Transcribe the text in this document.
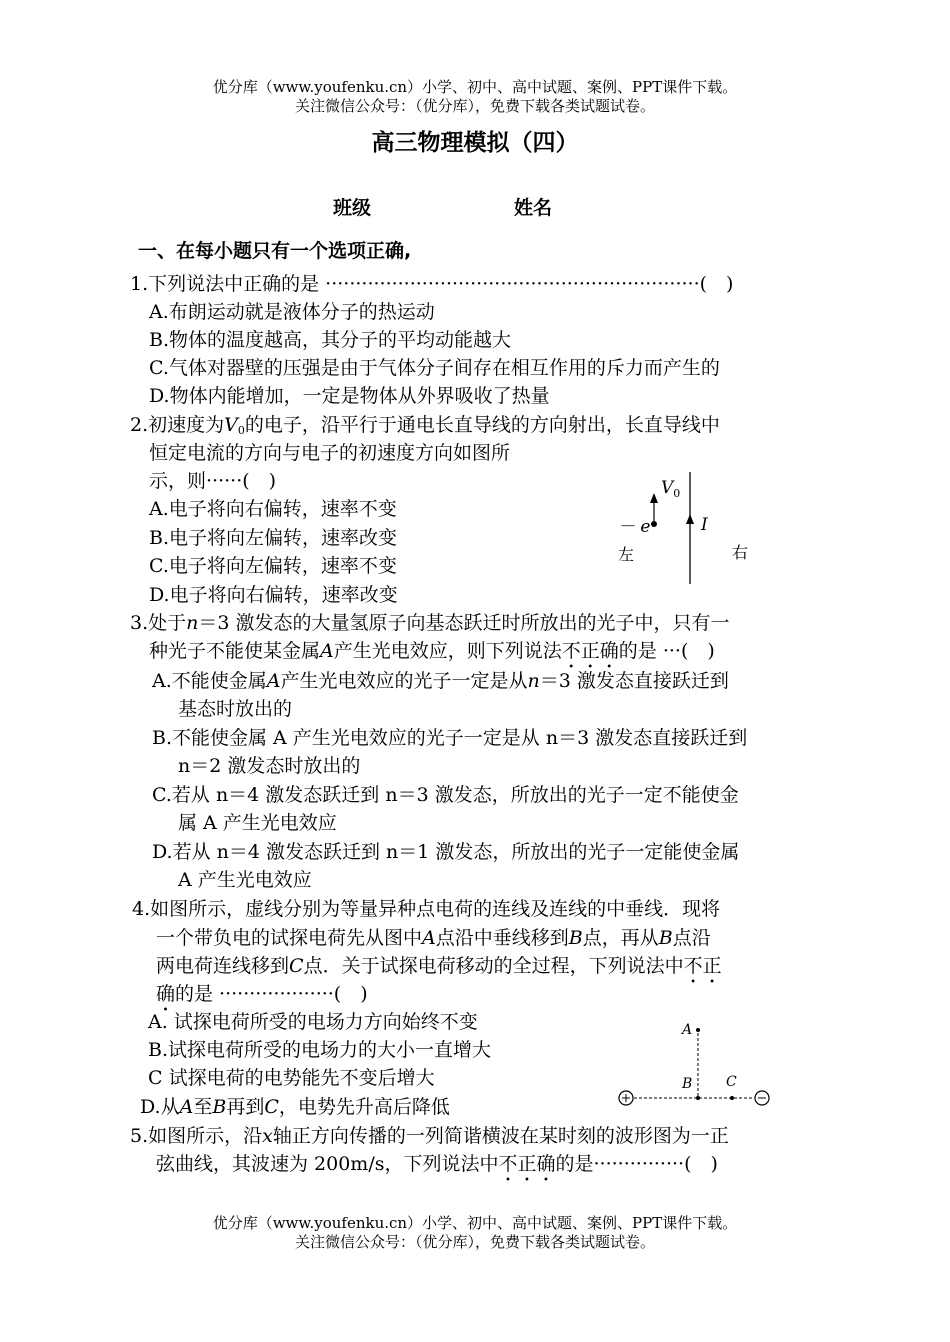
优分库（www.youfenku.cn）小学、初中、高中试题、案例、PPT课件下载。
关注微信公众号：（优分库），免费下载各类试题试卷。
高三物理模拟（四）
班级	姓名
一、在每小题只有一个选项正确,
1.下列说法中正确的是 ······························································(　)
A.布朗运动就是液体分子的热运动
B.物体的温度越高，其分子的平均动能越大
C.气体对器壁的压强是由于气体分子间存在相互作用的斥力而产生的
D.物体内能增加，一定是物体从外界吸收了热量
2.初速度为$V_0$的电子，沿平行于通电长直导线的方向射出，长直导线中
恒定电流的方向与电子的初速度方向如图所
示，则······(　)
A.电子将向右偏转，速率不变
B.电子将向左偏转，速率改变
C.电子将向左偏转，速率不变
D.电子将向右偏转，速率改变
$V_0$
－ e	I
左	右
3.处于n＝3 激发态的大量氢原子向基态跃迁时所放出的光子中，只有一
种光子不能使某金属A产生光电效应，则下列说法不正确的是 ···(　)
A.不能使金属A产生光电效应的光子一定是从n＝3 激发态直接跃迁到
基态时放出的
B.不能使金属 A 产生光电效应的光子一定是从 n＝3 激发态直接跃迁到
n＝2 激发态时放出的
C.若从 n＝4 激发态跃迁到 n＝3 激发态，所放出的光子一定不能使金
属 A 产生光电效应
D.若从 n＝4 激发态跃迁到 n＝1 激发态，所放出的光子一定能使金属
A 产生光电效应
4.如图所示，虚线分别为等量异种点电荷的连线及连线的中垂线．现将
一个带负电的试探电荷先从图中A点沿中垂线移到B点，再从B点沿
两电荷连线移到C点．关于试探电荷移动的全过程，下列说法中不正
确的是 ···················(　)
A. 试探电荷所受的电场力方向始终不变
B.试探电荷所受的电场力的大小一直增大
C 试探电荷的电势能先不变后增大
D.从A至B再到C，电势先升高后降低
A
B C
5.如图所示，沿x轴正方向传播的一列简谐横波在某时刻的波形图为一正
弦曲线，其波速为 200m/s，下列说法中不正确的是···············(　)
优分库（www.youfenku.cn）小学、初中、高中试题、案例、PPT课件下载。
关注微信公众号：（优分库），免费下载各类试题试卷。
